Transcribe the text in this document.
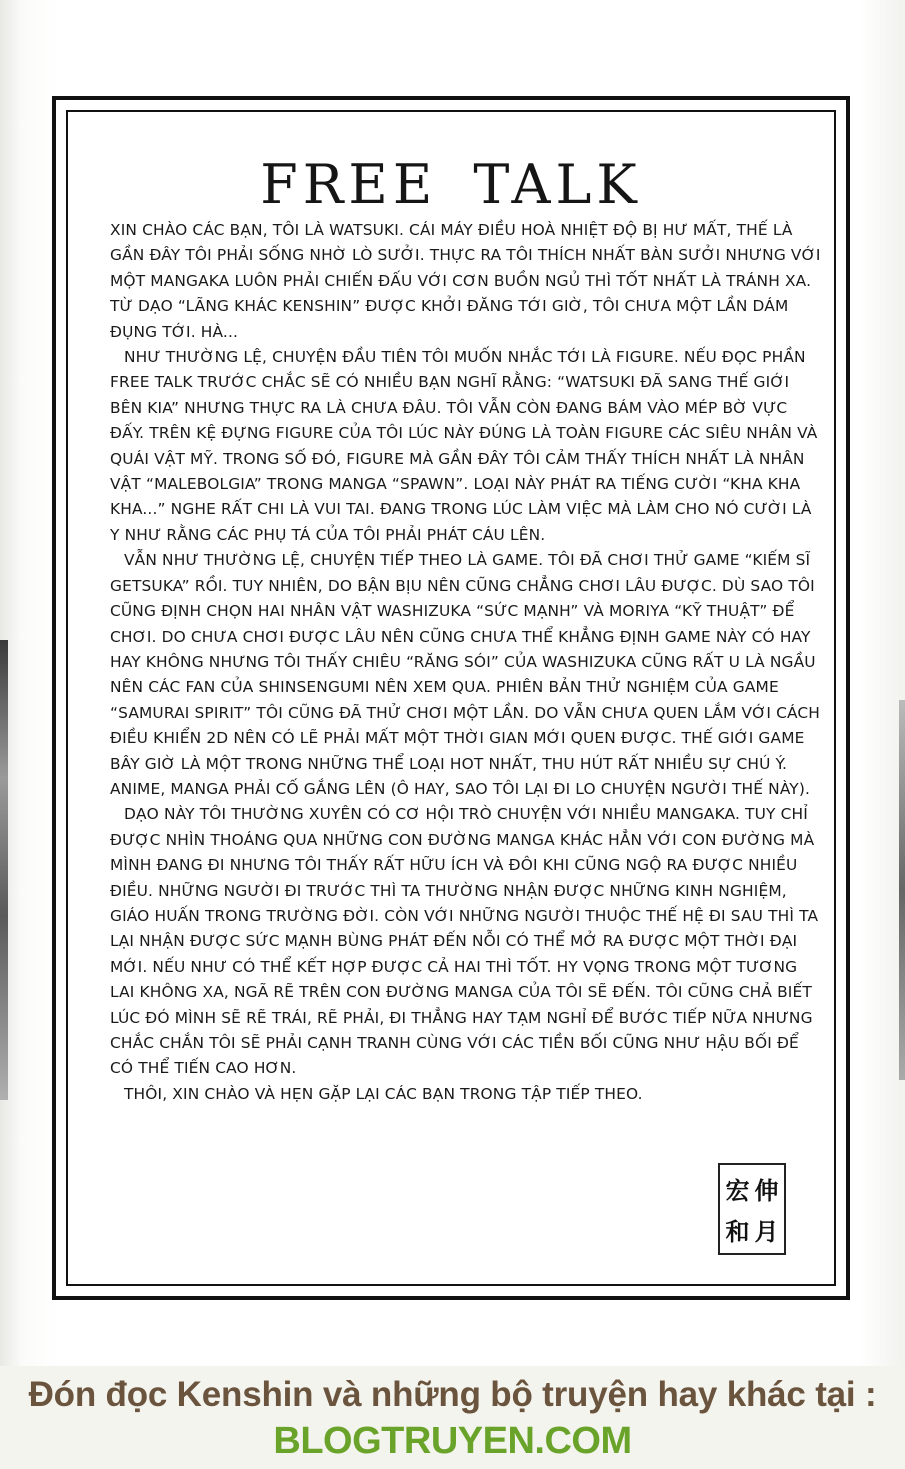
FREE TALK

XIN CHÀO CÁC BẠN, TÔI LÀ WATSUKI. CÁI MÁY ĐIỀU HOÀ NHIỆT ĐỘ BỊ HƯ MẤT, THẾ LÀ GẦN ĐÂY TÔI PHẢI SỐNG NHỜ LÒ SƯỞI. THỰC RA TÔI THÍCH NHẤT BÀN SƯỞI NHƯNG VỚI MỘT MANGAKA LUÔN PHẢI CHIẾN ĐẤU VỚI CƠN BUỒN NGỦ THÌ TỐT NHẤT LÀ TRÁNH XA. TỪ DẠO “LÃNG KHÁC KENSHIN” ĐƯỢC KHỞI ĐĂNG TỚI GIỜ, TÔI CHƯA MỘT LẦN DÁM ĐỤNG TỚI. HÀ...

NHƯ THƯỜNG LỆ, CHUYỆN ĐẦU TIÊN TÔI MUỐN NHẮC TỚI LÀ FIGURE. NẾU ĐỌC PHẦN FREE TALK TRƯỚC CHẮC SẼ CÓ NHIỀU BẠN NGHĨ RẰNG: “WATSUKI ĐÃ SANG THẾ GIỚI BÊN KIA” NHƯNG THỰC RA LÀ CHƯA ĐÂU. TÔI VẪN CÒN ĐANG BÁM VÀO MÉP BỜ VỰC ĐẤY. TRÊN KỆ ĐỰNG FIGURE CỦA TÔI LÚC NÀY ĐÚNG LÀ TOÀN FIGURE CÁC SIÊU NHÂN VÀ QUÁI VẬT MỸ. TRONG SỐ ĐÓ, FIGURE MÀ GẦN ĐÂY TÔI CẢM THẤY THÍCH NHẤT LÀ NHÂN VẬT “MALEBOLGIA” TRONG MANGA “SPAWN”. LOẠI NÀY PHÁT RA TIẾNG CƯỜI “KHA KHA KHA...” NGHE RẤT CHI LÀ VUI TAI. ĐANG TRONG LÚC LÀM VIỆC MÀ LÀM CHO NÓ CƯỜI LÀ Y NHƯ RẰNG CÁC PHỤ TÁ CỦA TÔI PHẢI PHÁT CÁU LÊN.

VẪN NHƯ THƯỜNG LỆ, CHUYỆN TIẾP THEO LÀ GAME. TÔI ĐÃ CHƠI THỬ GAME “KIẾM SĨ GETSUKA” RỒI. TUY NHIÊN, DO BẬN BỊU NÊN CŨNG CHẲNG CHƠI LÂU ĐƯỢC. DÙ SAO TÔI CŨNG ĐỊNH CHỌN HAI NHÂN VẬT WASHIZUKA “SỨC MẠNH” VÀ MORIYA “KỸ THUẬT” ĐỂ CHƠI. DO CHƯA CHƠI ĐƯỢC LÂU NÊN CŨNG CHƯA THỂ KHẲNG ĐỊNH GAME NÀY CÓ HAY HAY KHÔNG NHƯNG TÔI THẤY CHIÊU “RĂNG SÓI” CỦA WASHIZUKA CŨNG RẤT U LÀ NGẦU NÊN CÁC FAN CỦA SHINSENGUMI NÊN XEM QUA. PHIÊN BẢN THỬ NGHIỆM CỦA GAME “SAMURAI SPIRIT” TÔI CŨNG ĐÃ THỬ CHƠI MỘT LẦN. DO VẪN CHƯA QUEN LẮM VỚI CÁCH ĐIỀU KHIỂN 2D NÊN CÓ LẼ PHẢI MẤT MỘT THỜI GIAN MỚI QUEN ĐƯỢC. THẾ GIỚI GAME BÂY GIỜ LÀ MỘT TRONG NHỮNG THỂ LOẠI HOT NHẤT, THU HÚT RẤT NHIỀU SỰ CHÚ Ý. ANIME, MANGA PHẢI CỐ GẮNG LÊN (Ô HAY, SAO TÔI LẠI ĐI LO CHUYỆN NGƯỜI THẾ NÀY).

DẠO NÀY TÔI THƯỜNG XUYÊN CÓ CƠ HỘI TRÒ CHUYỆN VỚI NHIỀU MANGAKA. TUY CHỈ ĐƯỢC NHÌN THOÁNG QUA NHỮNG CON ĐƯỜNG MANGA KHÁC HẲN VỚI CON ĐƯỜNG MÀ MÌNH ĐANG ĐI NHƯNG TÔI THẤY RẤT HỮU ÍCH VÀ ĐÔI KHI CŨNG NGỘ RA ĐƯỢC NHIỀU ĐIỀU. NHỮNG NGƯỜI ĐI TRƯỚC THÌ TA THƯỜNG NHẬN ĐƯỢC NHỮNG KINH NGHIỆM, GIÁO HUẤN TRONG TRƯỜNG ĐỜI. CÒN VỚI NHỮNG NGƯỜI THUỘC THẾ HỆ ĐI SAU THÌ TA LẠI NHẬN ĐƯỢC SỨC MẠNH BÙNG PHÁT ĐẾN NỖI CÓ THỂ MỞ RA ĐƯỢC MỘT THỜI ĐẠI MỚI. NẾU NHƯ CÓ THỂ KẾT HỢP ĐƯỢC CẢ HAI THÌ TỐT. HY VỌNG TRONG MỘT TƯƠNG LAI KHÔNG XA, NGÃ RẼ TRÊN CON ĐƯỜNG MANGA CỦA TÔI SẼ ĐẾN. TÔI CŨNG CHẢ BIẾT LÚC ĐÓ MÌNH SẼ RẼ TRÁI, RẼ PHẢI, ĐI THẲNG HAY TẠM NGHỈ ĐỂ BƯỚC TIẾP NỮA NHƯNG CHẮC CHẮN TÔI SẼ PHẢI CẠNH TRANH CÙNG VỚI CÁC TIỀN BỐI CŨNG NHƯ HẬU BỐI ĐỂ CÓ THỂ TIẾN CAO HƠN.

THÔI, XIN CHÀO VÀ HẸN GẶP LẠI CÁC BẠN TRONG TẬP TIẾP THEO.

宏 伸
和 月
Đón đọc Kenshin và những bộ truyện hay khác tại :
BLOGTRUYEN.COM
